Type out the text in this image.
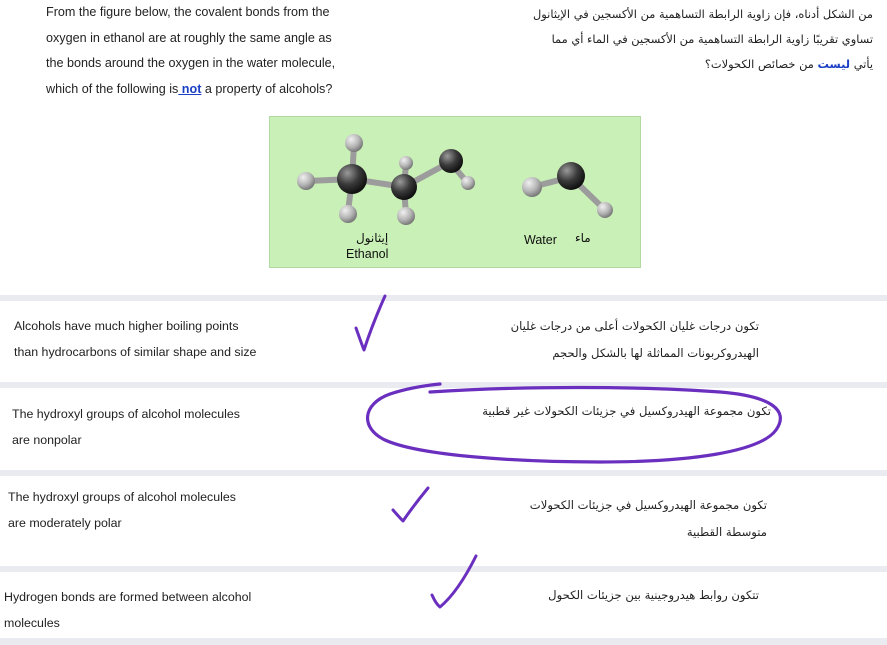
From the figure below, the covalent bonds from the
oxygen in ethanol are at roughly the same angle as
the bonds around the oxygen in the water molecule,
which of the following is not a property of alcohols?
من الشكل أدناه، فإن زاوية الرابطة التساهمية من الأكسجين في الإيثانول
تساوي تقريبًا زاوية الرابطة التساهمية من الأكسجين في الماء أي مما
يأتي ليست من خصائص الكحولات؟
إيثانول
Ethanol
Water ماء
Alcohols have much higher boiling points
than hydrocarbons of similar shape and size
تكون درجات غليان الكحولات أعلى من درجات غليان
الهيدروكربونات المماثلة لها بالشكل والحجم
The hydroxyl groups of alcohol molecules
are nonpolar
تكون مجموعة الهيدروكسيل في جزيئات الكحولات غير قطبية
The hydroxyl groups of alcohol molecules
are moderately polar
تكون مجموعة الهيدروكسيل في جزيئات الكحولات
متوسطة القطبية
Hydrogen bonds are formed between alcohol
molecules
تتكون روابط هيدروجينية بين جزيئات الكحول
